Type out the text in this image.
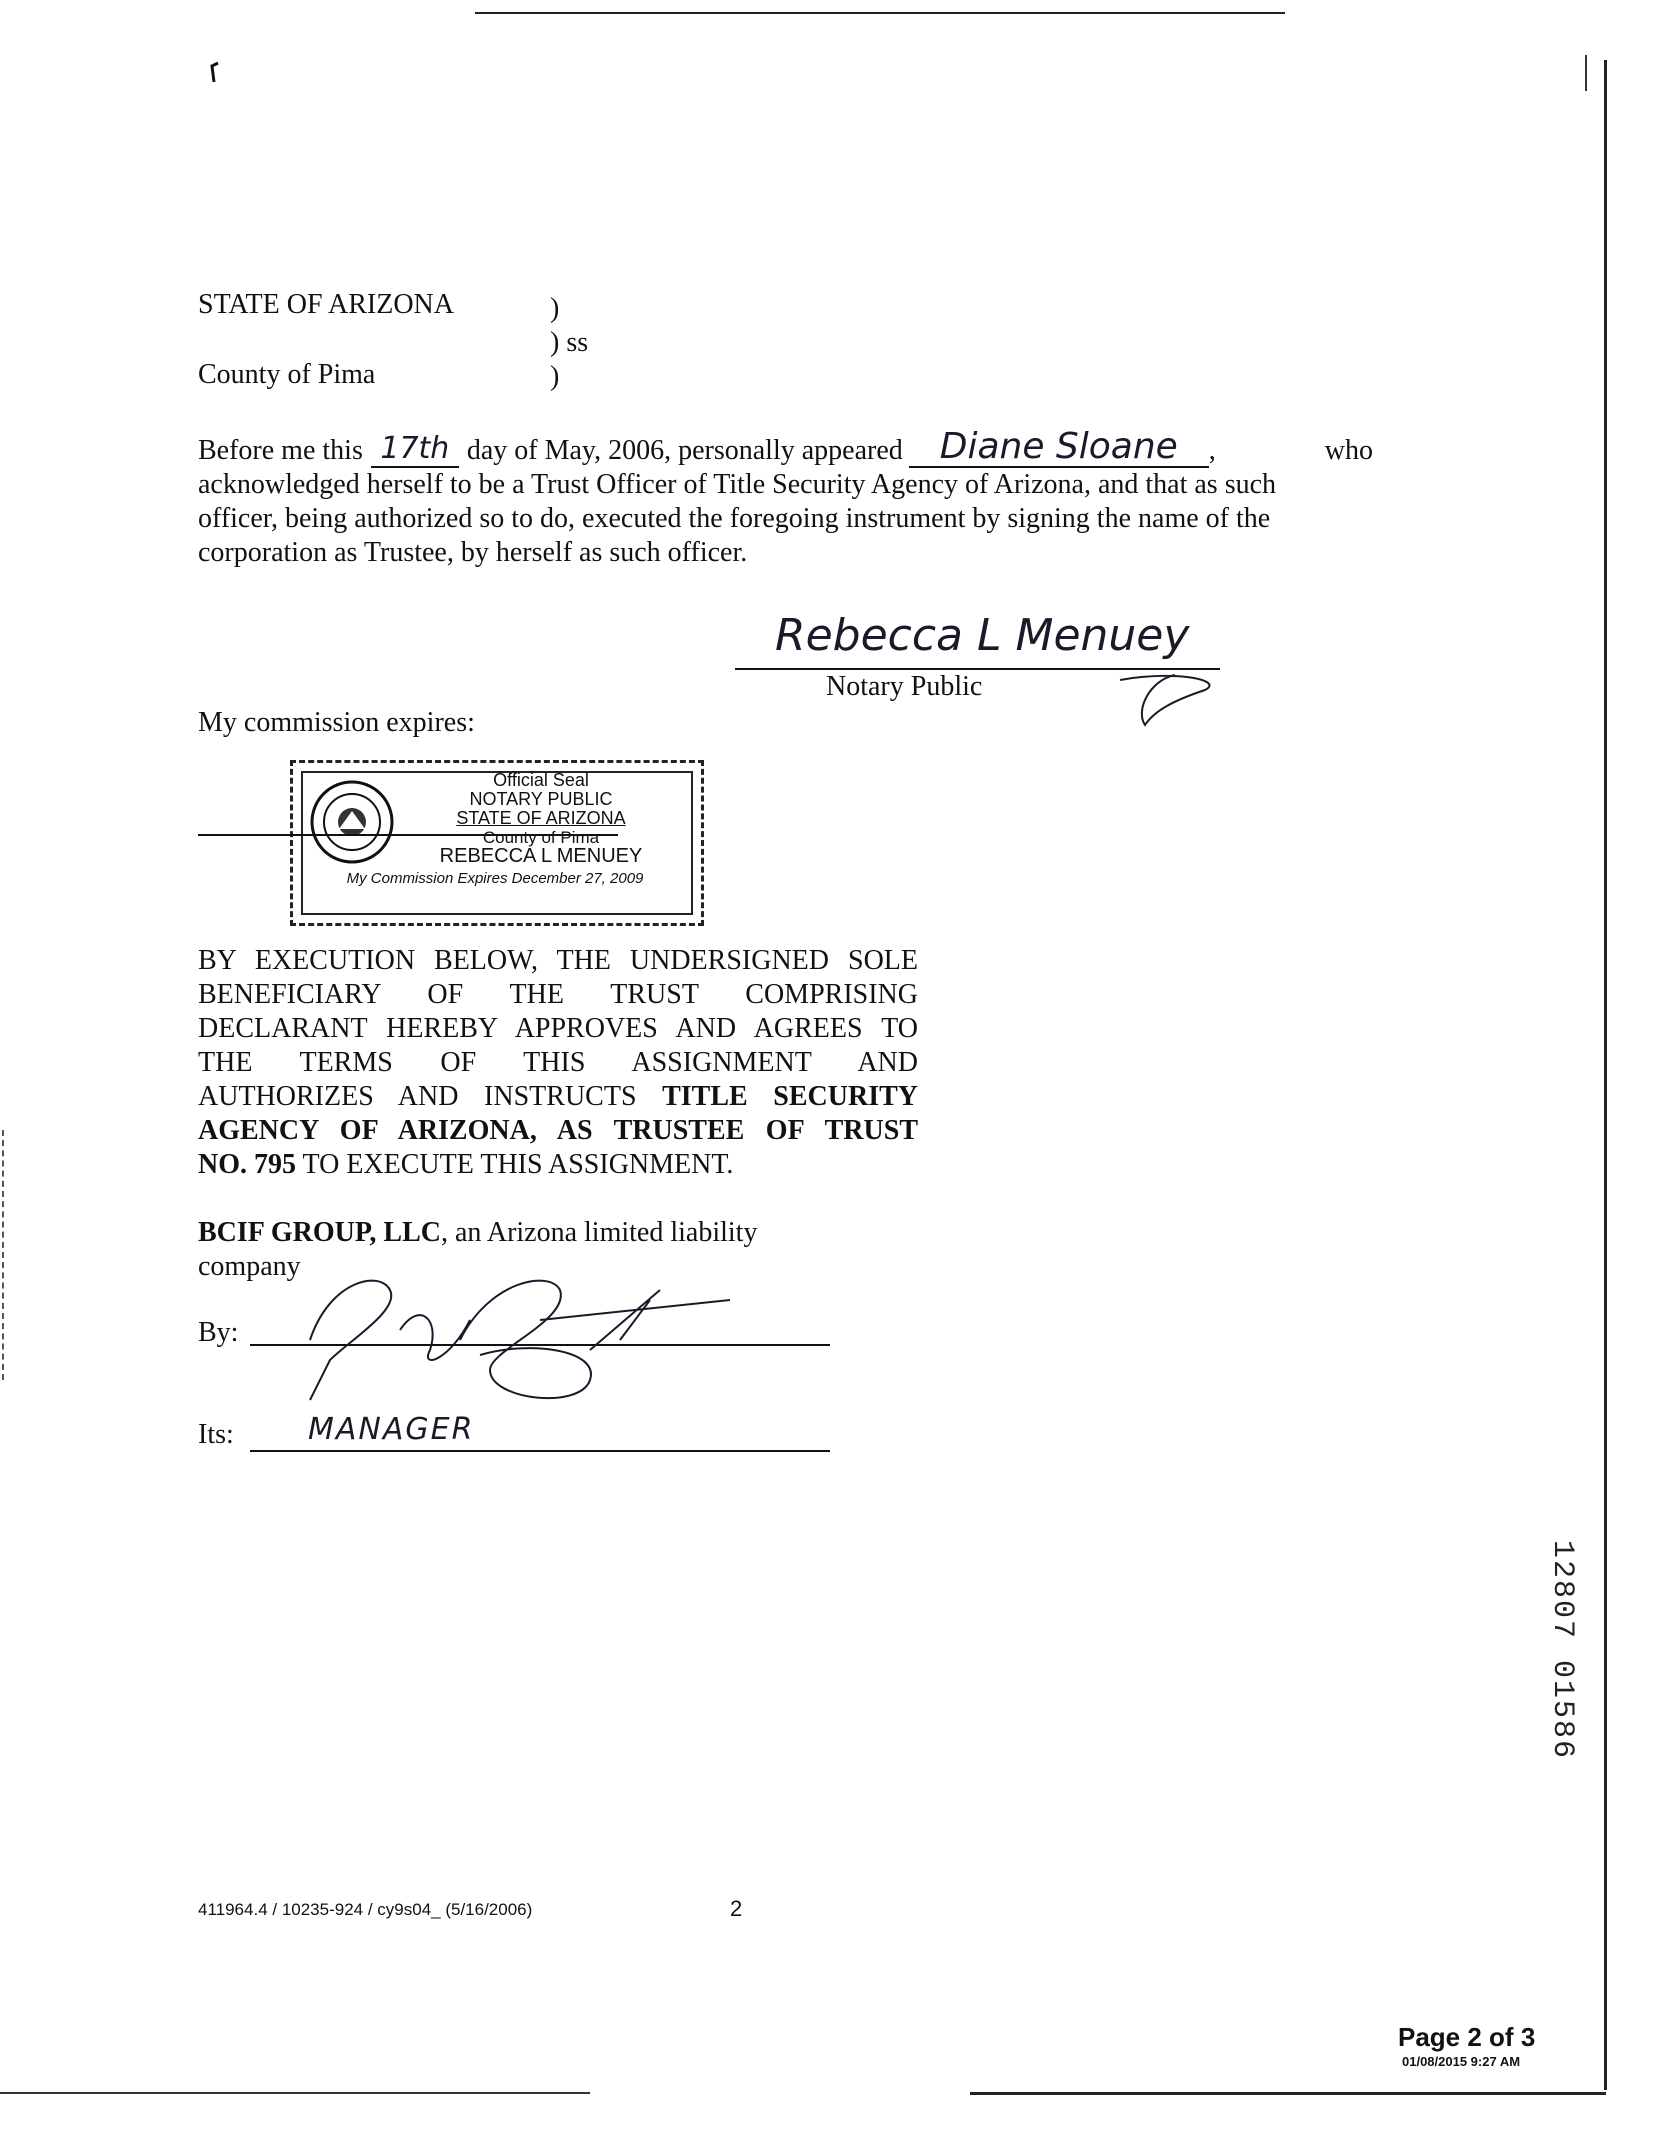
STATE OF ARIZONA	)
) ss
County of Pima	)
Before me this 17th day of May, 2006, personally appeared	Diane Sloane	,	who
acknowledged herself to be a Trust Officer of Title Security Agency of Arizona, and that as such
officer, being authorized so to do, executed the foregoing instrument by signing the name of the
corporation as Trustee, by herself as such officer.
Rebecca L Menuey
Notary Public
My commission expires:
Official Seal
NOTARY PUBLIC
STATE OF ARIZONA
County of Pima
REBECCA L MENUEY
My Commission Expires December 27, 2009
BY EXECUTION BELOW, THE UNDERSIGNED SOLE
BENEFICIARY OF THE TRUST COMPRISING
DECLARANT HEREBY APPROVES AND AGREES TO
THE TERMS OF THIS ASSIGNMENT AND
AUTHORIZES AND INSTRUCTS TITLE SECURITY
AGENCY OF ARIZONA, AS TRUSTEE OF TRUST
NO. 795 TO EXECUTE THIS ASSIGNMENT.
BCIF GROUP, LLC, an Arizona limited liability
company
By:
Its: MANAGER
12807 01586
411964.4 / 10235-924 / cy9s04_ (5/16/2006)	2
Page 2 of 3
01/08/2015 9:27 AM
